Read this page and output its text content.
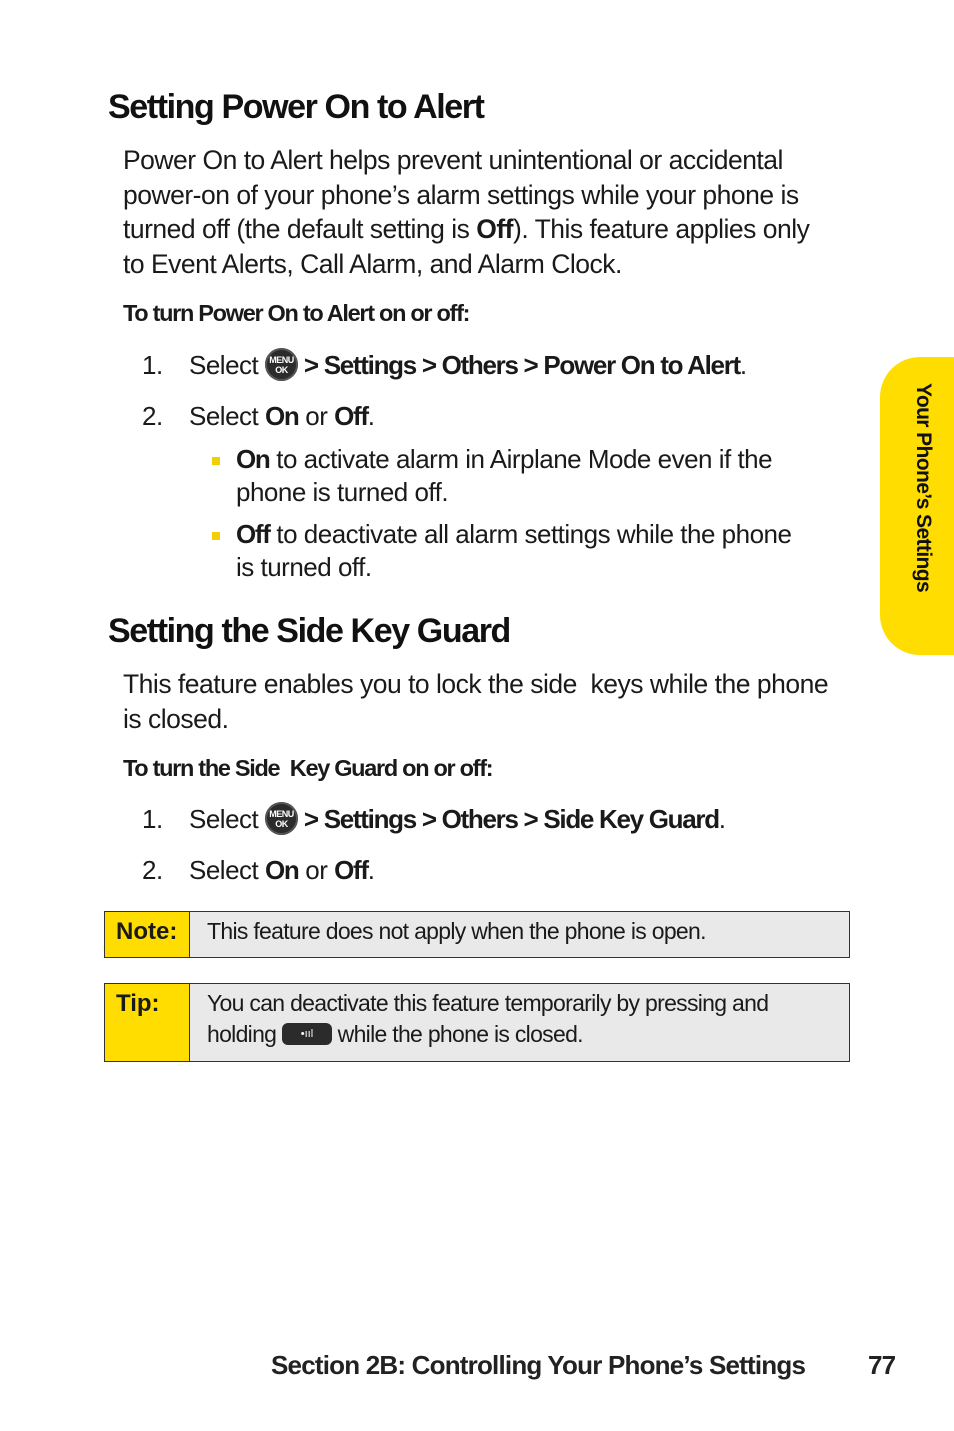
Setting Power On to Alert
Power On to Alert helps prevent unintentional or accidental
power-on of your phone’s alarm settings while your phone is
turned off (the default setting is Off). This feature applies only
to Event Alerts, Call Alarm, and Alarm Clock.
To turn Power On to Alert on or off:
1. Select	MENU
OK > Settings > Others > Power On to Alert.
2. Select On or Off.
On to activate alarm in Airplane Mode even if the
phone is turned off.
Off to deactivate all alarm settings while the phone
is turned off.
Setting the Side Key Guard
This feature enables you to lock the side  keys while the phone
is closed.
To turn the Side  Key Guard on or off:
1. Select	MENU
OK > Settings > Others > Side Key Guard.
2. Select On or Off.
Note:	This feature does not apply when the phone is open.
Tip:	You can deactivate this feature temporarily by pressing and
holding •ııl while the phone is closed.
Your Phone’s Settings
Section 2B: Controlling Your Phone’s Settings 77
